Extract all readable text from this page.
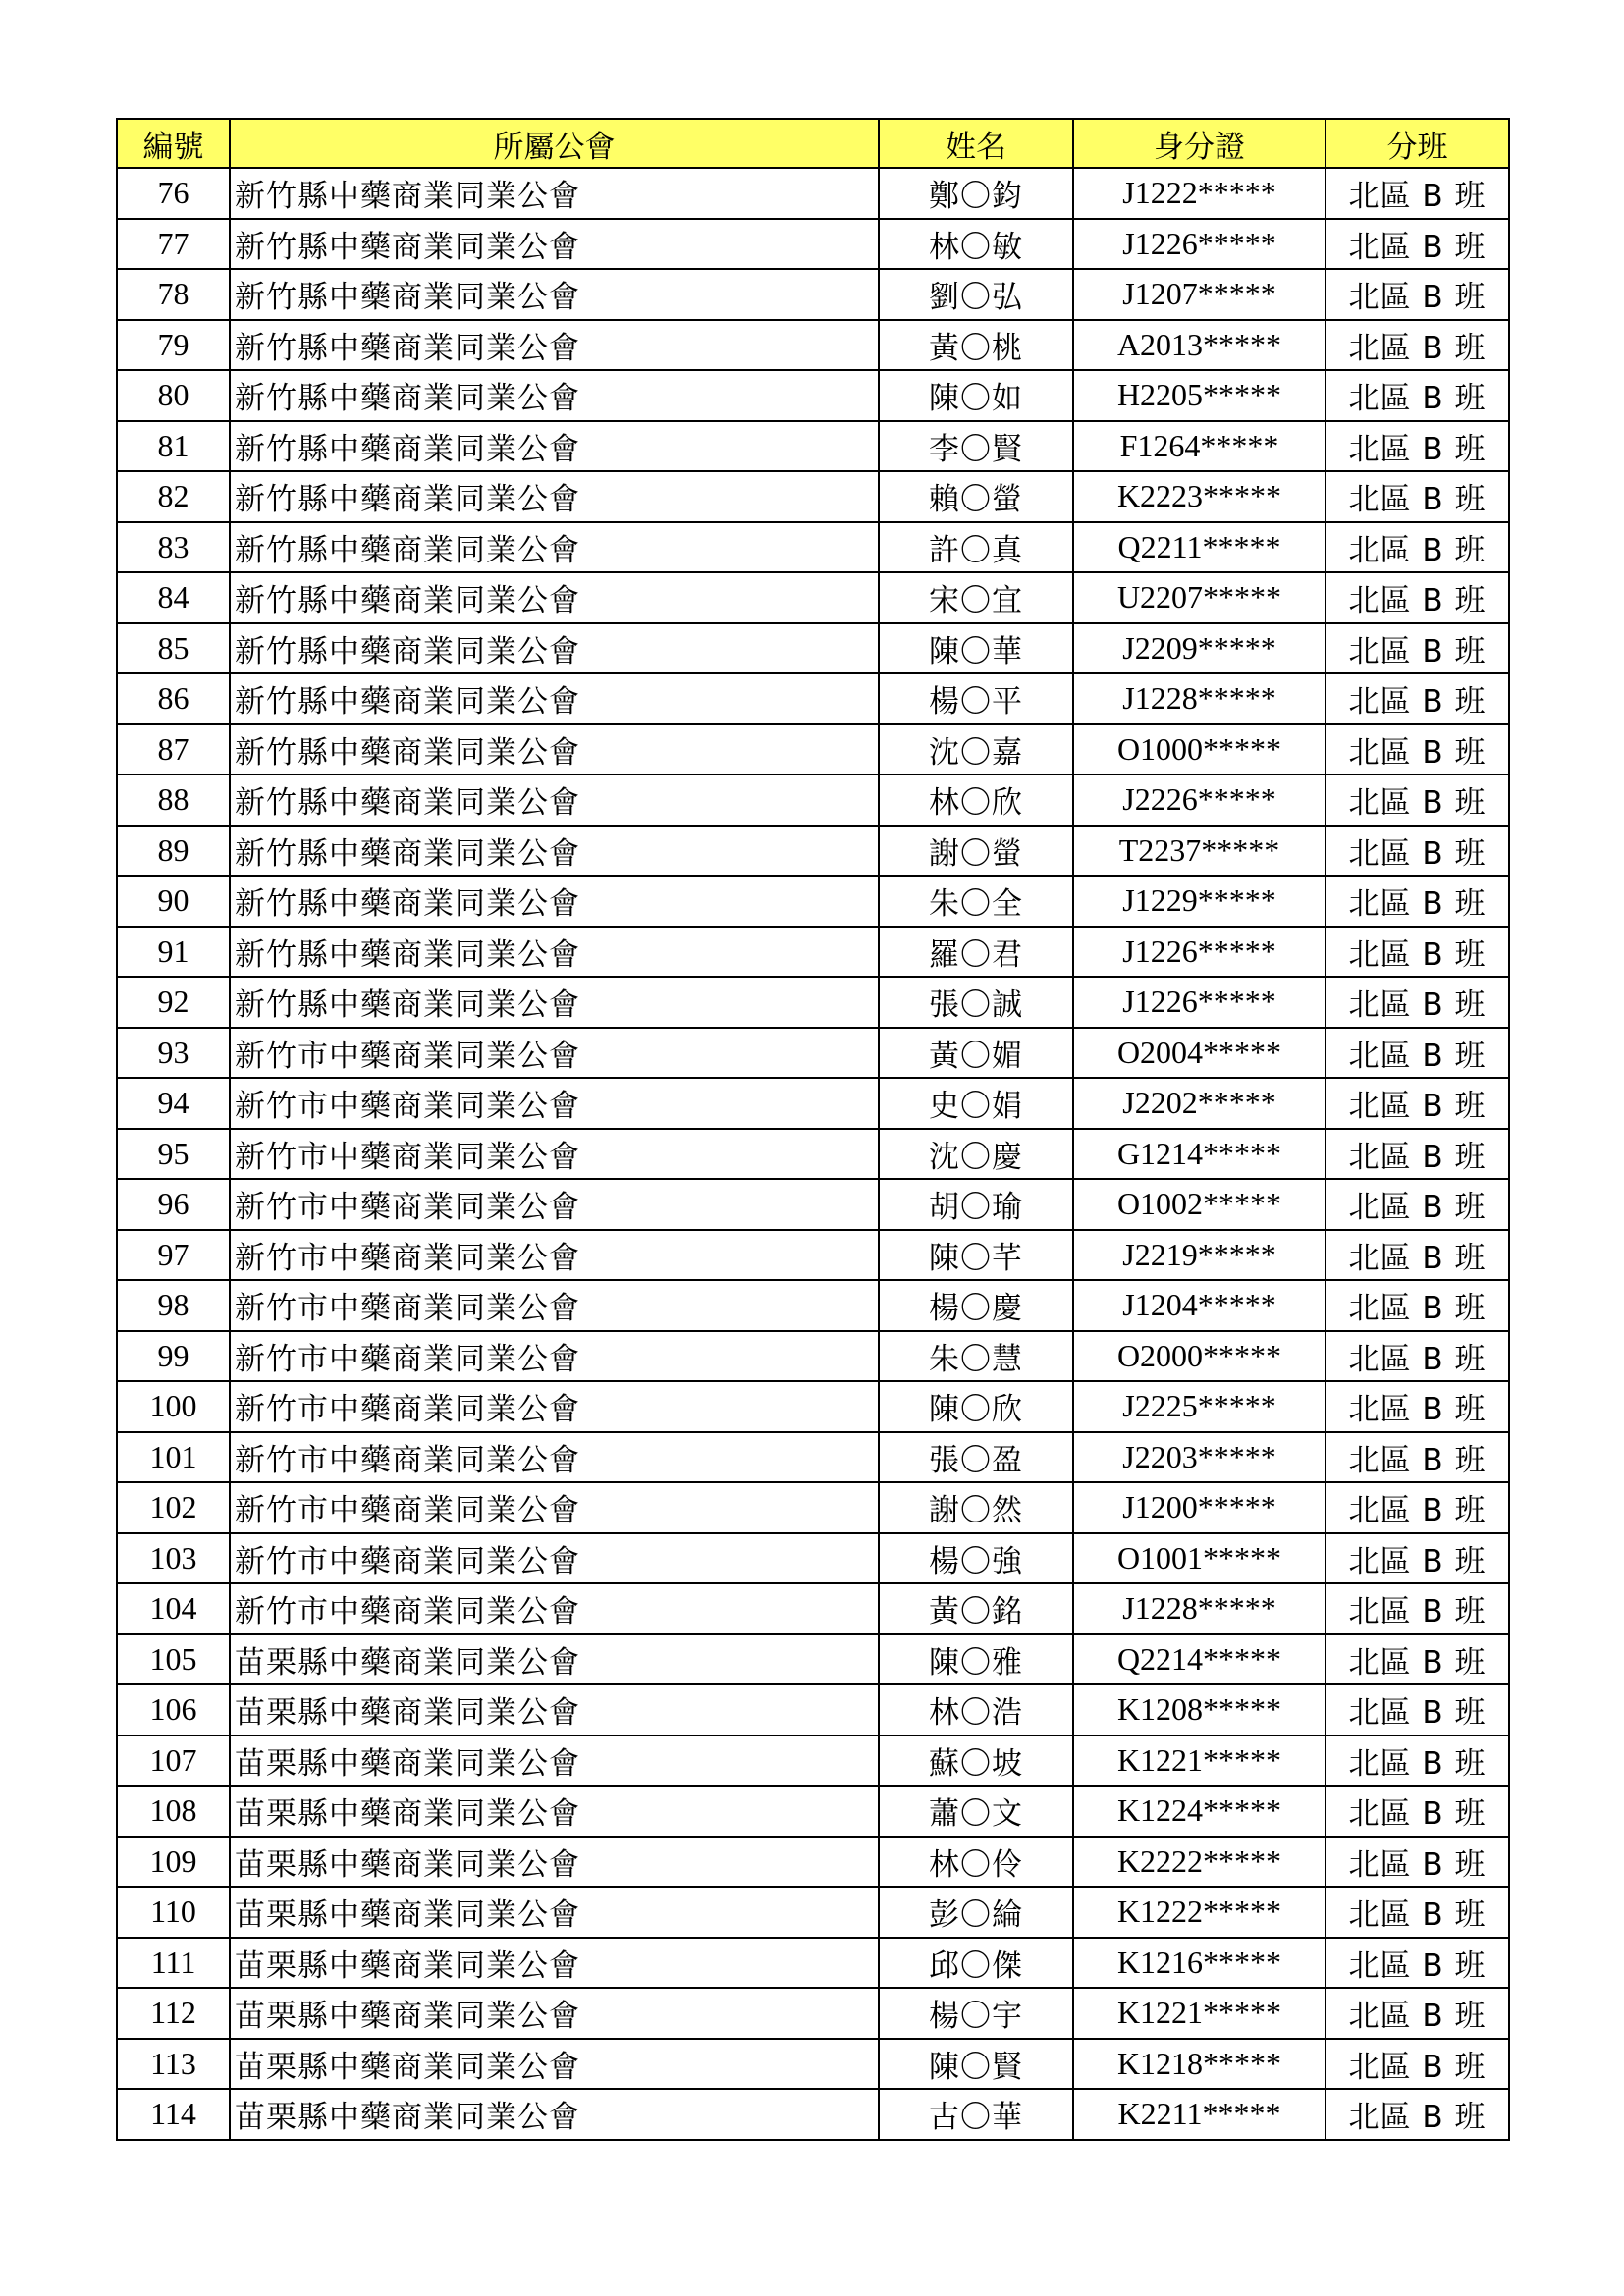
編號	所屬公會	姓名	身分證	分班
76	新竹縣中藥商業同業公會	鄭〇鈞	J1222*****	北區 B 班
77	新竹縣中藥商業同業公會	林〇敏	J1226*****	北區 B 班
78	新竹縣中藥商業同業公會	劉〇弘	J1207*****	北區 B 班
79	新竹縣中藥商業同業公會	黃〇桃	A2013*****	北區 B 班
80	新竹縣中藥商業同業公會	陳〇如	H2205*****	北區 B 班
81	新竹縣中藥商業同業公會	李〇賢	F1264*****	北區 B 班
82	新竹縣中藥商業同業公會	賴〇螢	K2223*****	北區 B 班
83	新竹縣中藥商業同業公會	許〇真	Q2211*****	北區 B 班
84	新竹縣中藥商業同業公會	宋〇宜	U2207*****	北區 B 班
85	新竹縣中藥商業同業公會	陳〇華	J2209*****	北區 B 班
86	新竹縣中藥商業同業公會	楊〇平	J1228*****	北區 B 班
87	新竹縣中藥商業同業公會	沈〇嘉	O1000*****	北區 B 班
88	新竹縣中藥商業同業公會	林〇欣	J2226*****	北區 B 班
89	新竹縣中藥商業同業公會	謝〇螢	T2237*****	北區 B 班
90	新竹縣中藥商業同業公會	朱〇全	J1229*****	北區 B 班
91	新竹縣中藥商業同業公會	羅〇君	J1226*****	北區 B 班
92	新竹縣中藥商業同業公會	張〇誠	J1226*****	北區 B 班
93	新竹市中藥商業同業公會	黃〇媚	O2004*****	北區 B 班
94	新竹市中藥商業同業公會	史〇娟	J2202*****	北區 B 班
95	新竹市中藥商業同業公會	沈〇慶	G1214*****	北區 B 班
96	新竹市中藥商業同業公會	胡〇瑜	O1002*****	北區 B 班
97	新竹市中藥商業同業公會	陳〇芊	J2219*****	北區 B 班
98	新竹市中藥商業同業公會	楊〇慶	J1204*****	北區 B 班
99	新竹市中藥商業同業公會	朱〇慧	O2000*****	北區 B 班
100	新竹市中藥商業同業公會	陳〇欣	J2225*****	北區 B 班
101	新竹市中藥商業同業公會	張〇盈	J2203*****	北區 B 班
102	新竹市中藥商業同業公會	謝〇然	J1200*****	北區 B 班
103	新竹市中藥商業同業公會	楊〇強	O1001*****	北區 B 班
104	新竹市中藥商業同業公會	黃〇銘	J1228*****	北區 B 班
105	苗栗縣中藥商業同業公會	陳〇雅	Q2214*****	北區 B 班
106	苗栗縣中藥商業同業公會	林〇浩	K1208*****	北區 B 班
107	苗栗縣中藥商業同業公會	蘇〇坡	K1221*****	北區 B 班
108	苗栗縣中藥商業同業公會	蕭〇文	K1224*****	北區 B 班
109	苗栗縣中藥商業同業公會	林〇伶	K2222*****	北區 B 班
110	苗栗縣中藥商業同業公會	彭〇綸	K1222*****	北區 B 班
111	苗栗縣中藥商業同業公會	邱〇傑	K1216*****	北區 B 班
112	苗栗縣中藥商業同業公會	楊〇宇	K1221*****	北區 B 班
113	苗栗縣中藥商業同業公會	陳〇賢	K1218*****	北區 B 班
114	苗栗縣中藥商業同業公會	古〇華	K2211*****	北區 B 班
